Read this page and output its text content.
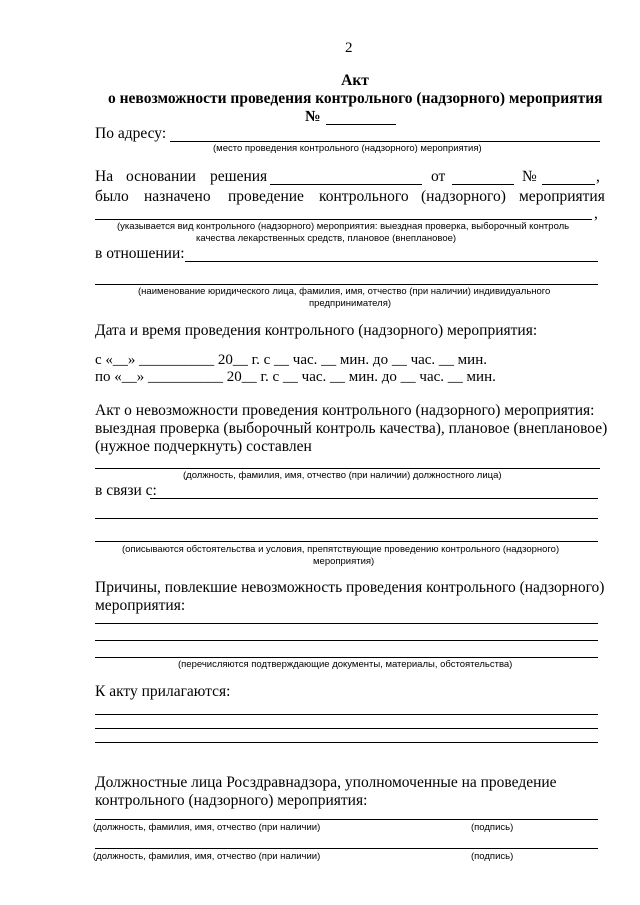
2
Акт
о невозможности проведения контрольного (надзорного) мероприятия
№
По адресу:
(место проведения контрольного (надзорного) мероприятия)
На основании решения	от	№	,
было назначено проведение контрольного (надзорного) мероприятия
,
(указывается вид контрольного (надзорного) мероприятия: выездная проверка, выборочный контроль
качества лекарственных средств, плановое (внеплановое)
в отношении:
(наименование юридического лица, фамилия, имя, отчество (при наличии) индивидуального
предпринимателя)
Дата и время проведения контрольного (надзорного) мероприятия:
с «__» __________ 20__ г. с __ час. __ мин. до __ час. __ мин.
по «__» __________ 20__ г. с __ час. __ мин. до __ час. __ мин.
Акт о невозможности проведения контрольного (надзорного) мероприятия:
выездная проверка (выборочный контроль качества), плановое (внеплановое)
(нужное подчеркнуть) составлен
(должность, фамилия, имя, отчество (при наличии) должностного лица)
в связи с:
(описываются обстоятельства и условия, препятствующие проведению контрольного (надзорного)
мероприятия)
Причины, повлекшие невозможность проведения контрольного (надзорного)
мероприятия:
(перечисляются подтверждающие документы, материалы, обстоятельства)
К акту прилагаются:
Должностные лица Росздравнадзора, уполномоченные на проведение
контрольного (надзорного) мероприятия:
(должность, фамилия, имя, отчество (при наличии)	(подпись)
(должность, фамилия, имя, отчество (при наличии)	(подпись)
